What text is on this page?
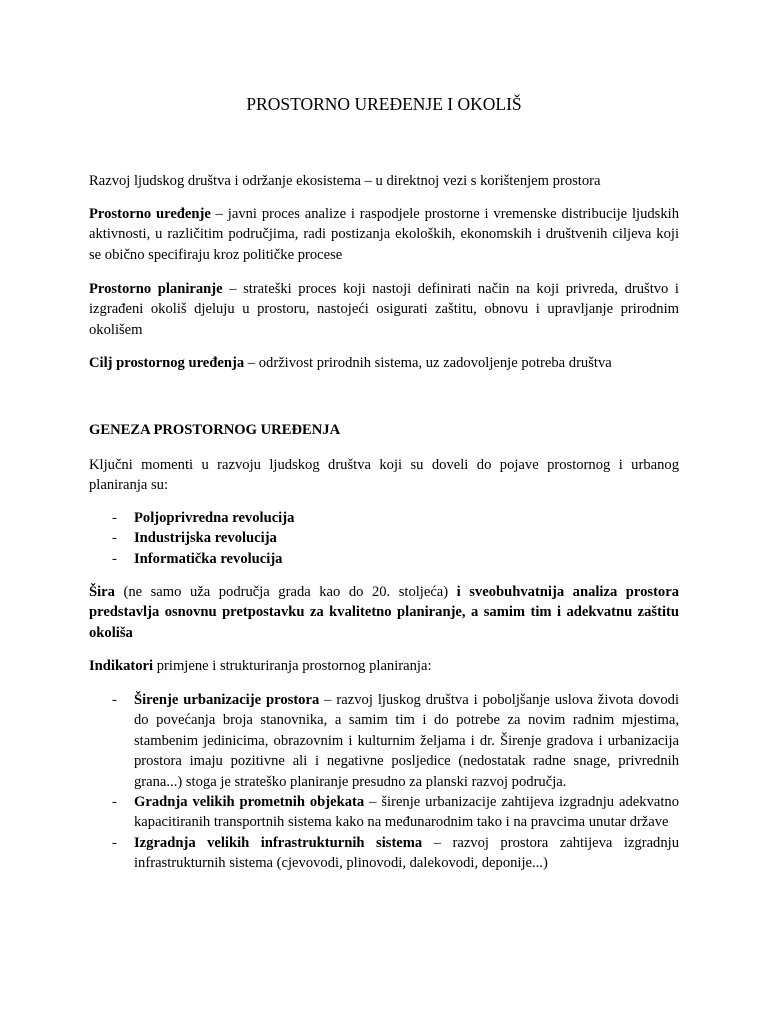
PROSTORNO UREĐENJE I OKOLIŠ

Razvoj ljudskog društva i održanje ekosistema – u direktnoj vezi s korištenjem prostora

Prostorno uređenje – javni proces analize i raspodjele prostorne i vremenske distribucije ljudskih aktivnosti, u različitim područjima, radi postizanja ekoloških, ekonomskih i društvenih ciljeva koji se obično specifiraju kroz političke procese

Prostorno planiranje – strateški proces koji nastoji definirati način na koji privreda, društvo i izgrađeni okoliš djeluju u prostoru, nastojeći osigurati zaštitu, obnovu i upravljanje prirodnim okolišem

Cilj prostornog uređenja – održivost prirodnih sistema, uz zadovoljenje potreba društva

GENEZA PROSTORNOG UREĐENJA

Ključni momenti u razvoju ljudskog društva koji su doveli do pojave prostornog i urbanog planiranja su:

- Poljoprivredna revolucija
- Industrijska revolucija
- Informatička revolucija

Šira (ne samo uža područja grada kao do 20. stoljeća) i sveobuhvatnija analiza prostora predstavlja osnovnu pretpostavku za kvalitetno planiranje, a samim tim i adekvatnu zaštitu okoliša

Indikatori primjene i strukturiranja prostornog planiranja:

- Širenje urbanizacije prostora – razvoj ljuskog društva i poboljšanje uslova života dovodi do povećanja broja stanovnika, a samim tim i do potrebe za novim radnim mjestima, stambenim jedinicima, obrazovnim i kulturnim željama i dr. Širenje gradova i urbanizacija prostora imaju pozitivne ali i negativne posljedice (nedostatak radne snage, privrednih grana...) stoga je strateško planiranje presudno za planski razvoj područja.
- Gradnja velikih prometnih objekata – širenje urbanizacije zahtijeva izgradnju adekvatno kapacitiranih transportnih sistema kako na međunarodnim tako i na pravcima unutar države
- Izgradnja velikih infrastrukturnih sistema – razvoj prostora zahtijeva izgradnju infrastrukturnih sistema (cjevovodi, plinovodi, dalekovodi, deponije...)
